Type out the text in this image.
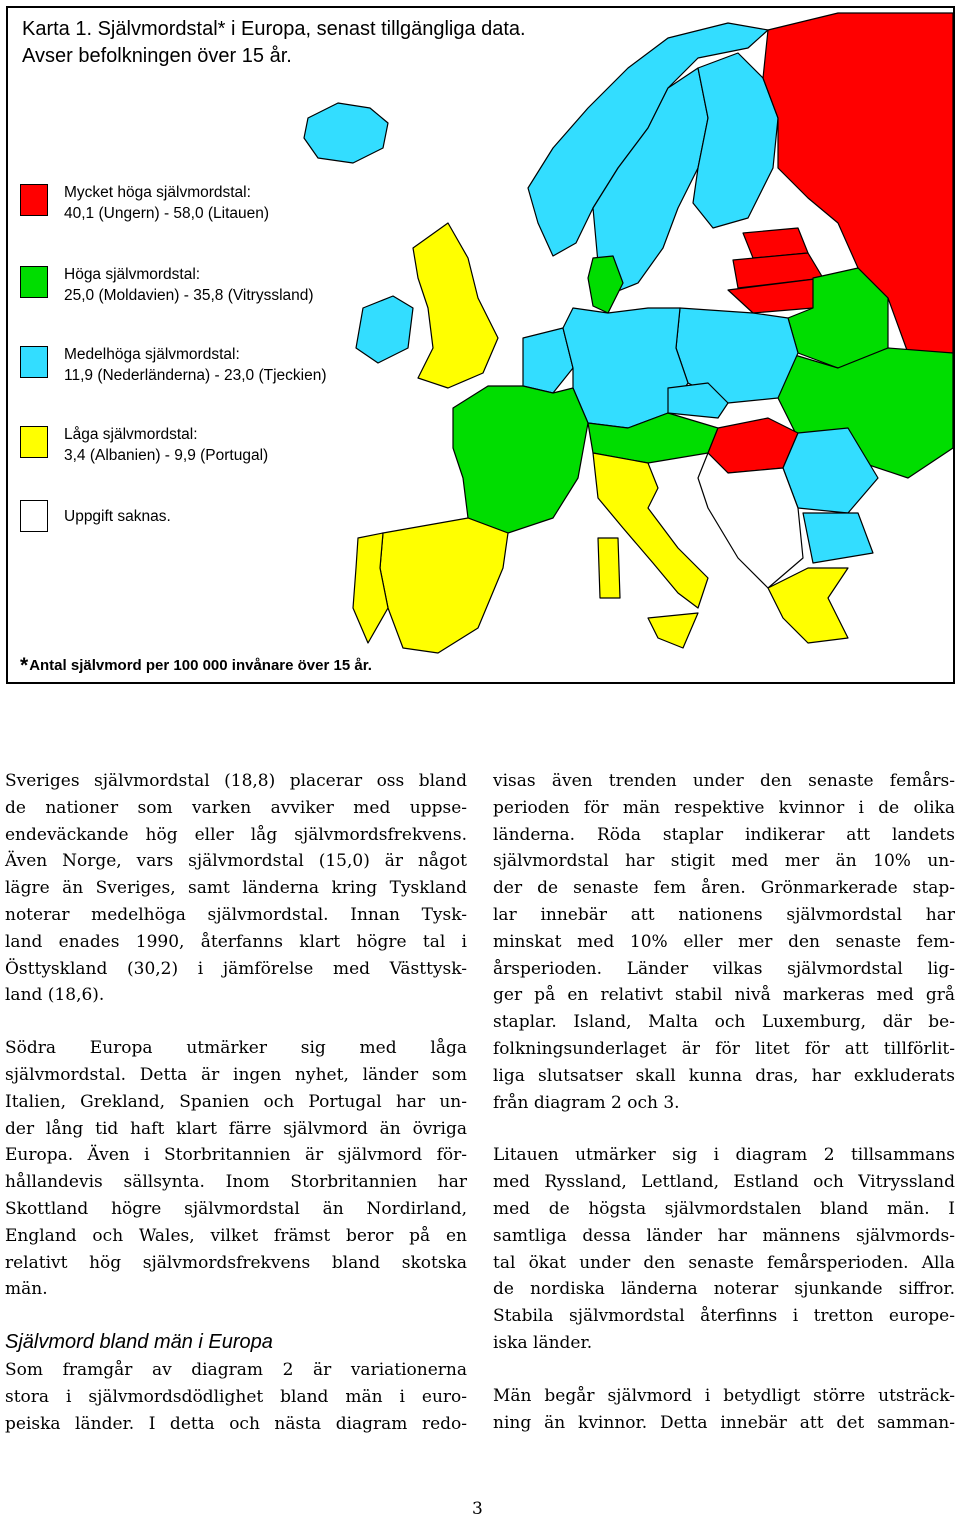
Karta 1. Självmordstal* i Europa, senast tillgängliga data.
Avser befolkningen över 15 år.
Mycket höga självmordstal:
40,1 (Ungern) - 58,0 (Litauen)
Höga självmordstal:
25,0 (Moldavien) - 35,8 (Vitryssland)
Medelhöga självmordstal:
11,9 (Nederländerna) - 23,0 (Tjeckien)
Låga självmordstal:
3,4 (Albanien) - 9,9 (Portugal)
Uppgift saknas.
*Antal självmord per 100 000 invånare över 15 år.

Sveriges självmordstal (18,8) placerar oss bland
de nationer som varken avviker med uppse-
endeväckande hög eller låg självmordsfrekvens.
Även Norge, vars självmordstal (15,0) är något
lägre än Sveriges, samt länderna kring Tyskland
noterar medelhöga självmordstal. Innan Tysk-
land enades 1990, återfanns klart högre tal i
Östtyskland (30,2) i jämförelse med Västtysk-
land (18,6).

Södra Europa utmärker sig med låga
självmordstal. Detta är ingen nyhet, länder som
Italien, Grekland, Spanien och Portugal har un-
der lång tid haft klart färre självmord än övriga
Europa. Även i Storbritannien är självmord för-
hållandevis sällsynta. Inom Storbritannien har
Skottland högre självmordstal än Nordirland,
England och Wales, vilket främst beror på en
relativt hög självmordsfrekvens bland skotska
män.

Självmord bland män i Europa

Som framgår av diagram 2 är variationerna
stora i självmordsdödlighet bland män i euro-
peiska länder. I detta och nästa diagram redo-

visas även trenden under den senaste femårs-
perioden för män respektive kvinnor i de olika
länderna. Röda staplar indikerar att landets
självmordstal har stigit med mer än 10% un-
der de senaste fem åren. Grönmarkerade stap-
lar innebär att nationens självmordstal har
minskat med 10% eller mer den senaste fem-
årsperioden. Länder vilkas självmordstal lig-
ger på en relativt stabil nivå markeras med grå
staplar. Island, Malta och Luxemburg, där be-
folkningsunderlaget är för litet för att tillförlit-
liga slutsatser skall kunna dras, har exkluderats
från diagram 2 och 3.

Litauen utmärker sig i diagram 2 tillsammans
med Ryssland, Lettland, Estland och Vitryssland
med de högsta självmordstalen bland män. I
samtliga dessa länder har männens självmords-
tal ökat under den senaste femårsperioden. Alla
de nordiska länderna noterar sjunkande siffror.
Stabila självmordstal återfinns i tretton europe-
iska länder.

Män begår självmord i betydligt större utsträck-
ning än kvinnor. Detta innebär att det samman-

3
